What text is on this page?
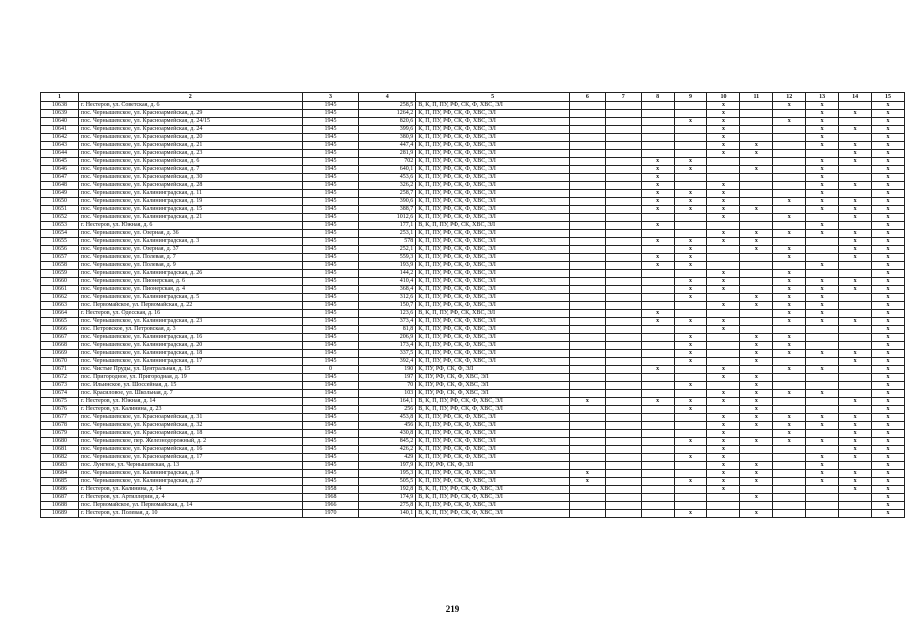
1	2	3	4	5	6	7	8	9	10	11	12	13	14	15
10638	г. Нестеров, ул. Советская, д. 6	1945	258,5	В, К, П, ПУ, РФ, СК, Ф, ХВС, ЭЛ					x		x	x		x
10639	пос. Чернышевское, ул. Красноармейская, д. 29	1945	1264,2	К, П, ПУ, РФ, СК, Ф, ХВС, ЭЛ					x			x	x	x
10640	пос. Чернышевское, ул. Красноармейская, д. 24/15	1945	820,6	К, П, ПУ, РФ, СК, Ф, ХВС, ЭЛ				x	x		x	x		x
10641	пос. Чернышевское, ул. Красноармейская, д. 24	1945	399,6	К, П, ПУ, РФ, СК, Ф, ХВС, ЭЛ					x			x	x	x
10642	пос. Чернышевское, ул. Красноармейская, д. 20	1945	380,9	К, П, ПУ, РФ, СК, Ф, ХВС, ЭЛ					x			x		x
10643	пос. Чернышевское, ул. Красноармейская, д. 21	1945	447,4	К, П, ПУ, РФ, СК, Ф, ХВС, ЭЛ					x	x		x	x	x
10644	пос. Чернышевское, ул. Красноармейская, д. 23	1945	281,9	К, П, ПУ, РФ, СК, Ф, ХВС, ЭЛ					x	x			x	x
10645	пос. Чернышевское, ул. Красноармейская, д. 6	1945	702	К, П, ПУ, РФ, СК, Ф, ХВС, ЭЛ			x	x				x	x	x
10646	пос. Чернышевское, ул. Красноармейская, д. 7	1945	640,1	К, П, ПУ, РФ, СК, Ф, ХВС, ЭЛ			x	x		x		x		x
10647	пос. Чернышевское, ул. Красноармейская, д. 30	1945	453,6	К, П, ПУ, РФ, СК, Ф, ХВС, ЭЛ			x					x		x
10648	пос. Чернышевское, ул. Красноармейская, д. 28	1945	326,2	К, П, ПУ, РФ, СК, Ф, ХВС, ЭЛ			x		x			x	x	x
10649	пос. Чернышевское, ул. Калининградская, д. 11	1945	258,7	К, П, ПУ, РФ, СК, Ф, ХВС, ЭЛ			x	x	x			x		x
10650	пос. Чернышевское, ул. Калининградская, д. 19	1945	390,6	К, П, ПУ, РФ, СК, Ф, ХВС, ЭЛ			x	x	x		x	x	x	x
10651	пос. Чернышевское, ул. Калининградская, д. 15	1945	388,7	К, П, ПУ, РФ, СК, Ф, ХВС, ЭЛ			x	x	x	x		x	x	x
10652	пос. Чернышевское, ул. Калининградская, д. 21	1945	1012,6	К, П, ПУ, РФ, СК, Ф, ХВС, ЭЛ					x		x		x	x
10653	г. Нестеров, ул. Южная, д. 6	1945	177,1	В, К, П, ПУ, РФ, СК, ХВС, ЭЛ			x					x		x
10654	пос. Чернышевское, ул. Озерная, д. 36	1945	253,1	К, П, ПУ, РФ, СК, Ф, ХВС, ЭЛ					x	x	x	x	x	x
10655	пос. Чернышевское, ул. Калининградская, д. 3	1945	578	К, П, ПУ, РФ, СК, Ф, ХВС, ЭЛ			x	x	x	x			x	x
10656	пос. Чернышевское, ул. Озерная, д. 37	1945	252,1	К, П, ПУ, РФ, СК, Ф, ХВС, ЭЛ				x		x	x		x	x
10657	пос. Чернышевское, ул. Полевая, д. 7	1945	559,3	К, П, ПУ, РФ, СК, Ф, ХВС, ЭЛ			x	x			x		x	x
10658	пос. Чернышевское, ул. Полевая, д. 9	1945	193,9	К, П, ПУ, РФ, СК, Ф, ХВС, ЭЛ			x	x				x		x
10659	пос. Чернышевское, ул. Калининградская, д. 26	1945	144,2	К, П, ПУ, РФ, СК, Ф, ХВС, ЭЛ					x		x			x
10660	пос. Чернышевское, ул. Пионерская, д. 6	1945	410,4	К, П, ПУ, РФ, СК, Ф, ХВС, ЭЛ				x	x		x	x	x	x
10661	пос. Чернышевское, ул. Пионерская, д. 4	1945	368,4	К, П, ПУ, РФ, СК, Ф, ХВС, ЭЛ				x	x		x	x	x	x
10662	пос. Чернышевское, ул. Калининградская, д. 5	1945	312,6	К, П, ПУ, РФ, СК, Ф, ХВС, ЭЛ				x		x	x	x		x
10663	пос. Первомайское, ул. Первомайская, д. 22	1945	150,7	К, П, ПУ, РФ, СК, Ф, ХВС, ЭЛ					x	x	x	x		x
10664	г. Нестеров, ул. Одесская, д. 16	1945	123,6	В, К, П, ПУ, РФ, СК, ХВС, ЭЛ			x				x	x		x
10665	пос. Чернышевское, ул. Калининградская, д. 23	1945	373,4	К, П, ПУ, РФ, СК, Ф, ХВС, ЭЛ			x	x	x		x	x	x	x
10666	пос. Петровское, ул. Петровская, д. 3	1945	81,8	К, П, ПУ, РФ, СК, Ф, ХВС, ЭЛ					x					x
10667	пос. Чернышевское, ул. Калининградская, д. 16	1945	206,9	К, П, ПУ, РФ, СК, Ф, ХВС, ЭЛ				x		x	x			x
10668	пос. Чернышевское, ул. Калининградская, д. 20	1945	173,4	К, П, ПУ, РФ, СК, Ф, ХВС, ЭЛ				x		x	x			x
10669	пос. Чернышевское, ул. Калининградская, д. 18	1945	337,5	К, П, ПУ, РФ, СК, Ф, ХВС, ЭЛ				x		x	x	x	x	x
10670	пос. Чернышевское, ул. Калининградская, д. 17	1945	392,4	К, П, ПУ, РФ, СК, Ф, ХВС, ЭЛ				x		x			x	x
10671	пос. Чистые Пруды, ул. Центральная, д. 15	0	190	К, ПУ, РФ, СК, Ф, ЭЛ			x		x		x	x		x
10672	пос. Пригородное, ул. Пригородная, д. 19	1945	197	К, ПУ, РФ, СК, Ф, ХВС, ЭЛ					x	x				x
10673	пос. Ильинское, ул. Шоссейная, д. 15	1945	70	К, ПУ, РФ, СК, Ф, ХВС, ЭЛ				x		x				x
10674	пос. Красиловое, ул. Школьная, д. 7	1945	103	К, ПУ, РФ, СК, Ф, ХВС, ЭЛ					x	x	x	x		x
10675	г. Нестеров, ул. Южная, д. 14	1945	164,1	В, К, П, ПУ, РФ, СК, Ф, ХВС, ЭЛ	x		x	x	x	x			x	x
10676	г. Нестеров, ул. Калинина, д. 23	1945	256	В, К, П, ПУ, РФ, СК, Ф, ХВС, ЭЛ				x		x				x
10677	пос. Чернышевское, ул. Красноармейская, д. 31	1945	453,8	К, П, ПУ, РФ, СК, Ф, ХВС, ЭЛ					x	x	x	x	x	x
10678	пос. Чернышевское, ул. Красноармейская, д. 32	1945	456	К, П, ПУ, РФ, СК, Ф, ХВС, ЭЛ					x	x	x	x	x	x
10679	пос. Чернышевское, ул. Красноармейская, д. 18	1945	430,8	К, П, ПУ, РФ, СК, Ф, ХВС, ЭЛ					x		x		x	x
10680	пос. Чернышевское, пер. Железнодорожный, д. 2	1945	845,2	К, П, ПУ, РФ, СК, Ф, ХВС, ЭЛ				x	x	x	x	x	x	x
10681	пос. Чернышевское, ул. Красноармейская, д. 16	1945	426,2	К, П, ПУ, РФ, СК, Ф, ХВС, ЭЛ					x				x	x
10682	пос. Чернышевское, ул. Красноармейская, д. 17	1945	429	К, П, ПУ, РФ, СК, Ф, ХВС, ЭЛ				x	x			x	x	x
10683	пос. Лунгное, ул. Чернышевская, д. 13	1945	197,9	К, ПУ, РФ, СК, Ф, ЭЛ					x	x		x		x
10684	пос. Чернышевское, ул. Калининградская, д. 9	1945	195,3	К, П, ПУ, РФ, СК, Ф, ХВС, ЭЛ	x				x	x		x	x	x
10685	пос. Чернышевское, ул. Калининградская, д. 27	1945	505,5	К, П, ПУ, РФ, СК, Ф, ХВС, ЭЛ	x			x	x	x		x	x	x
10686	г. Нестеров, ул. Калинина, д. 14	1958	192,8	В, К, П, ПУ, РФ, СК, Ф, ХВС, ЭЛ					x				x	x
10687	г. Нестеров, ул. Артиллерии, д. 4	1968	174,9	В, К, П, ПУ, РФ, СК, Ф, ХВС, ЭЛ						x				x
10688	пос. Первомайское, ул. Первомайская, д. 14	1966	275,8	К, П, ПУ, РФ, СК, Ф, ХВС, ЭЛ										x
10689	г. Нестеров, ул. Полевая, д. 10	1970	140,1	В, К, П, ПУ, РФ, СК, Ф, ХВС, ЭЛ				x		x				x
219
